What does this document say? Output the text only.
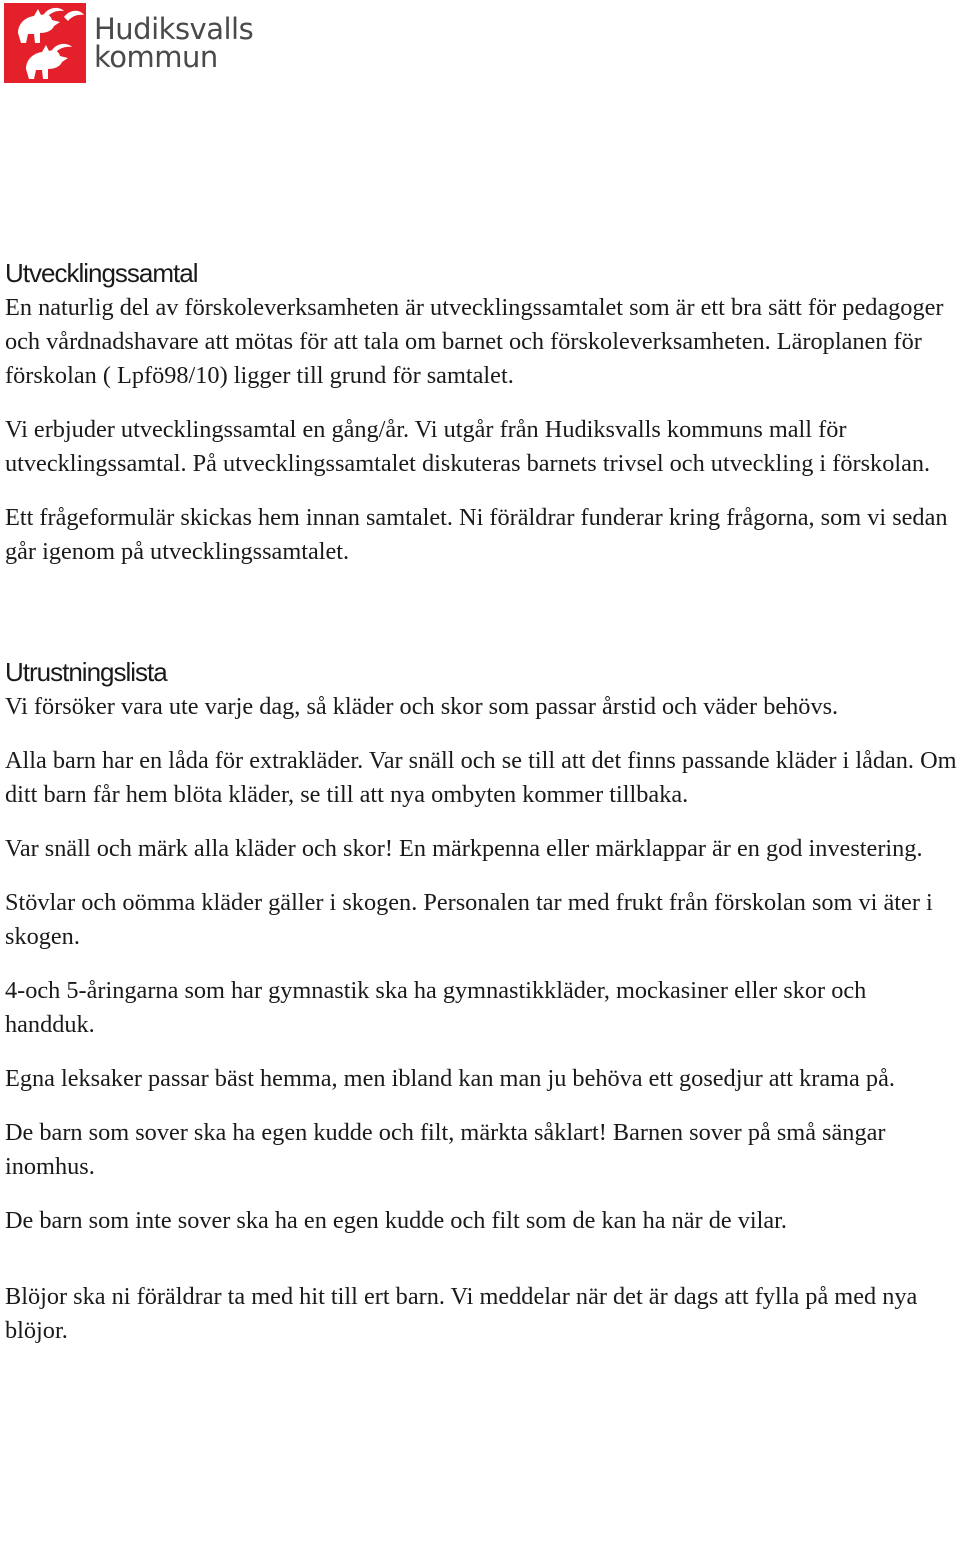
Hudiksvalls
kommun
Utvecklingssamtal

En naturlig del av förskoleverksamheten är utvecklingssamtalet som är ett bra sätt för pedagoger och vårdnadshavare att mötas för att tala om barnet och förskoleverksamheten. Läroplanen för förskolan ( Lpfö98/10) ligger till grund för samtalet.

Vi erbjuder utvecklingssamtal en gång/år. Vi utgår från Hudiksvalls kommuns mall för utvecklingssamtal. På utvecklingssamtalet diskuteras barnets trivsel och utveckling i förskolan.

Ett frågeformulär skickas hem innan samtalet. Ni föräldrar funderar kring frågorna, som vi sedan går igenom på utvecklingssamtalet.

Utrustningslista

Vi försöker vara ute varje dag, så kläder och skor som passar årstid och väder behövs.

Alla barn har en låda för extrakläder. Var snäll och se till att det finns passande kläder i lådan. Om ditt barn får hem blöta kläder, se till att nya ombyten kommer tillbaka.

Var snäll och märk alla kläder och skor! En märkpenna eller märklappar är en god investering.

Stövlar och oömma kläder gäller i skogen. Personalen tar med frukt från förskolan som vi äter i skogen.

4-och 5-åringarna som har gymnastik ska ha gymnastikkläder, mockasiner eller skor och handduk.

Egna leksaker passar bäst hemma, men ibland kan man ju behöva ett gosedjur att krama på.

De barn som sover ska ha egen kudde och filt, märkta såklart! Barnen sover på små sängar inomhus.

De barn som inte sover ska ha en egen kudde och filt som de kan ha när de vilar.

Blöjor ska ni föräldrar ta med hit till ert barn. Vi meddelar när det är dags att fylla på med nya blöjor.
